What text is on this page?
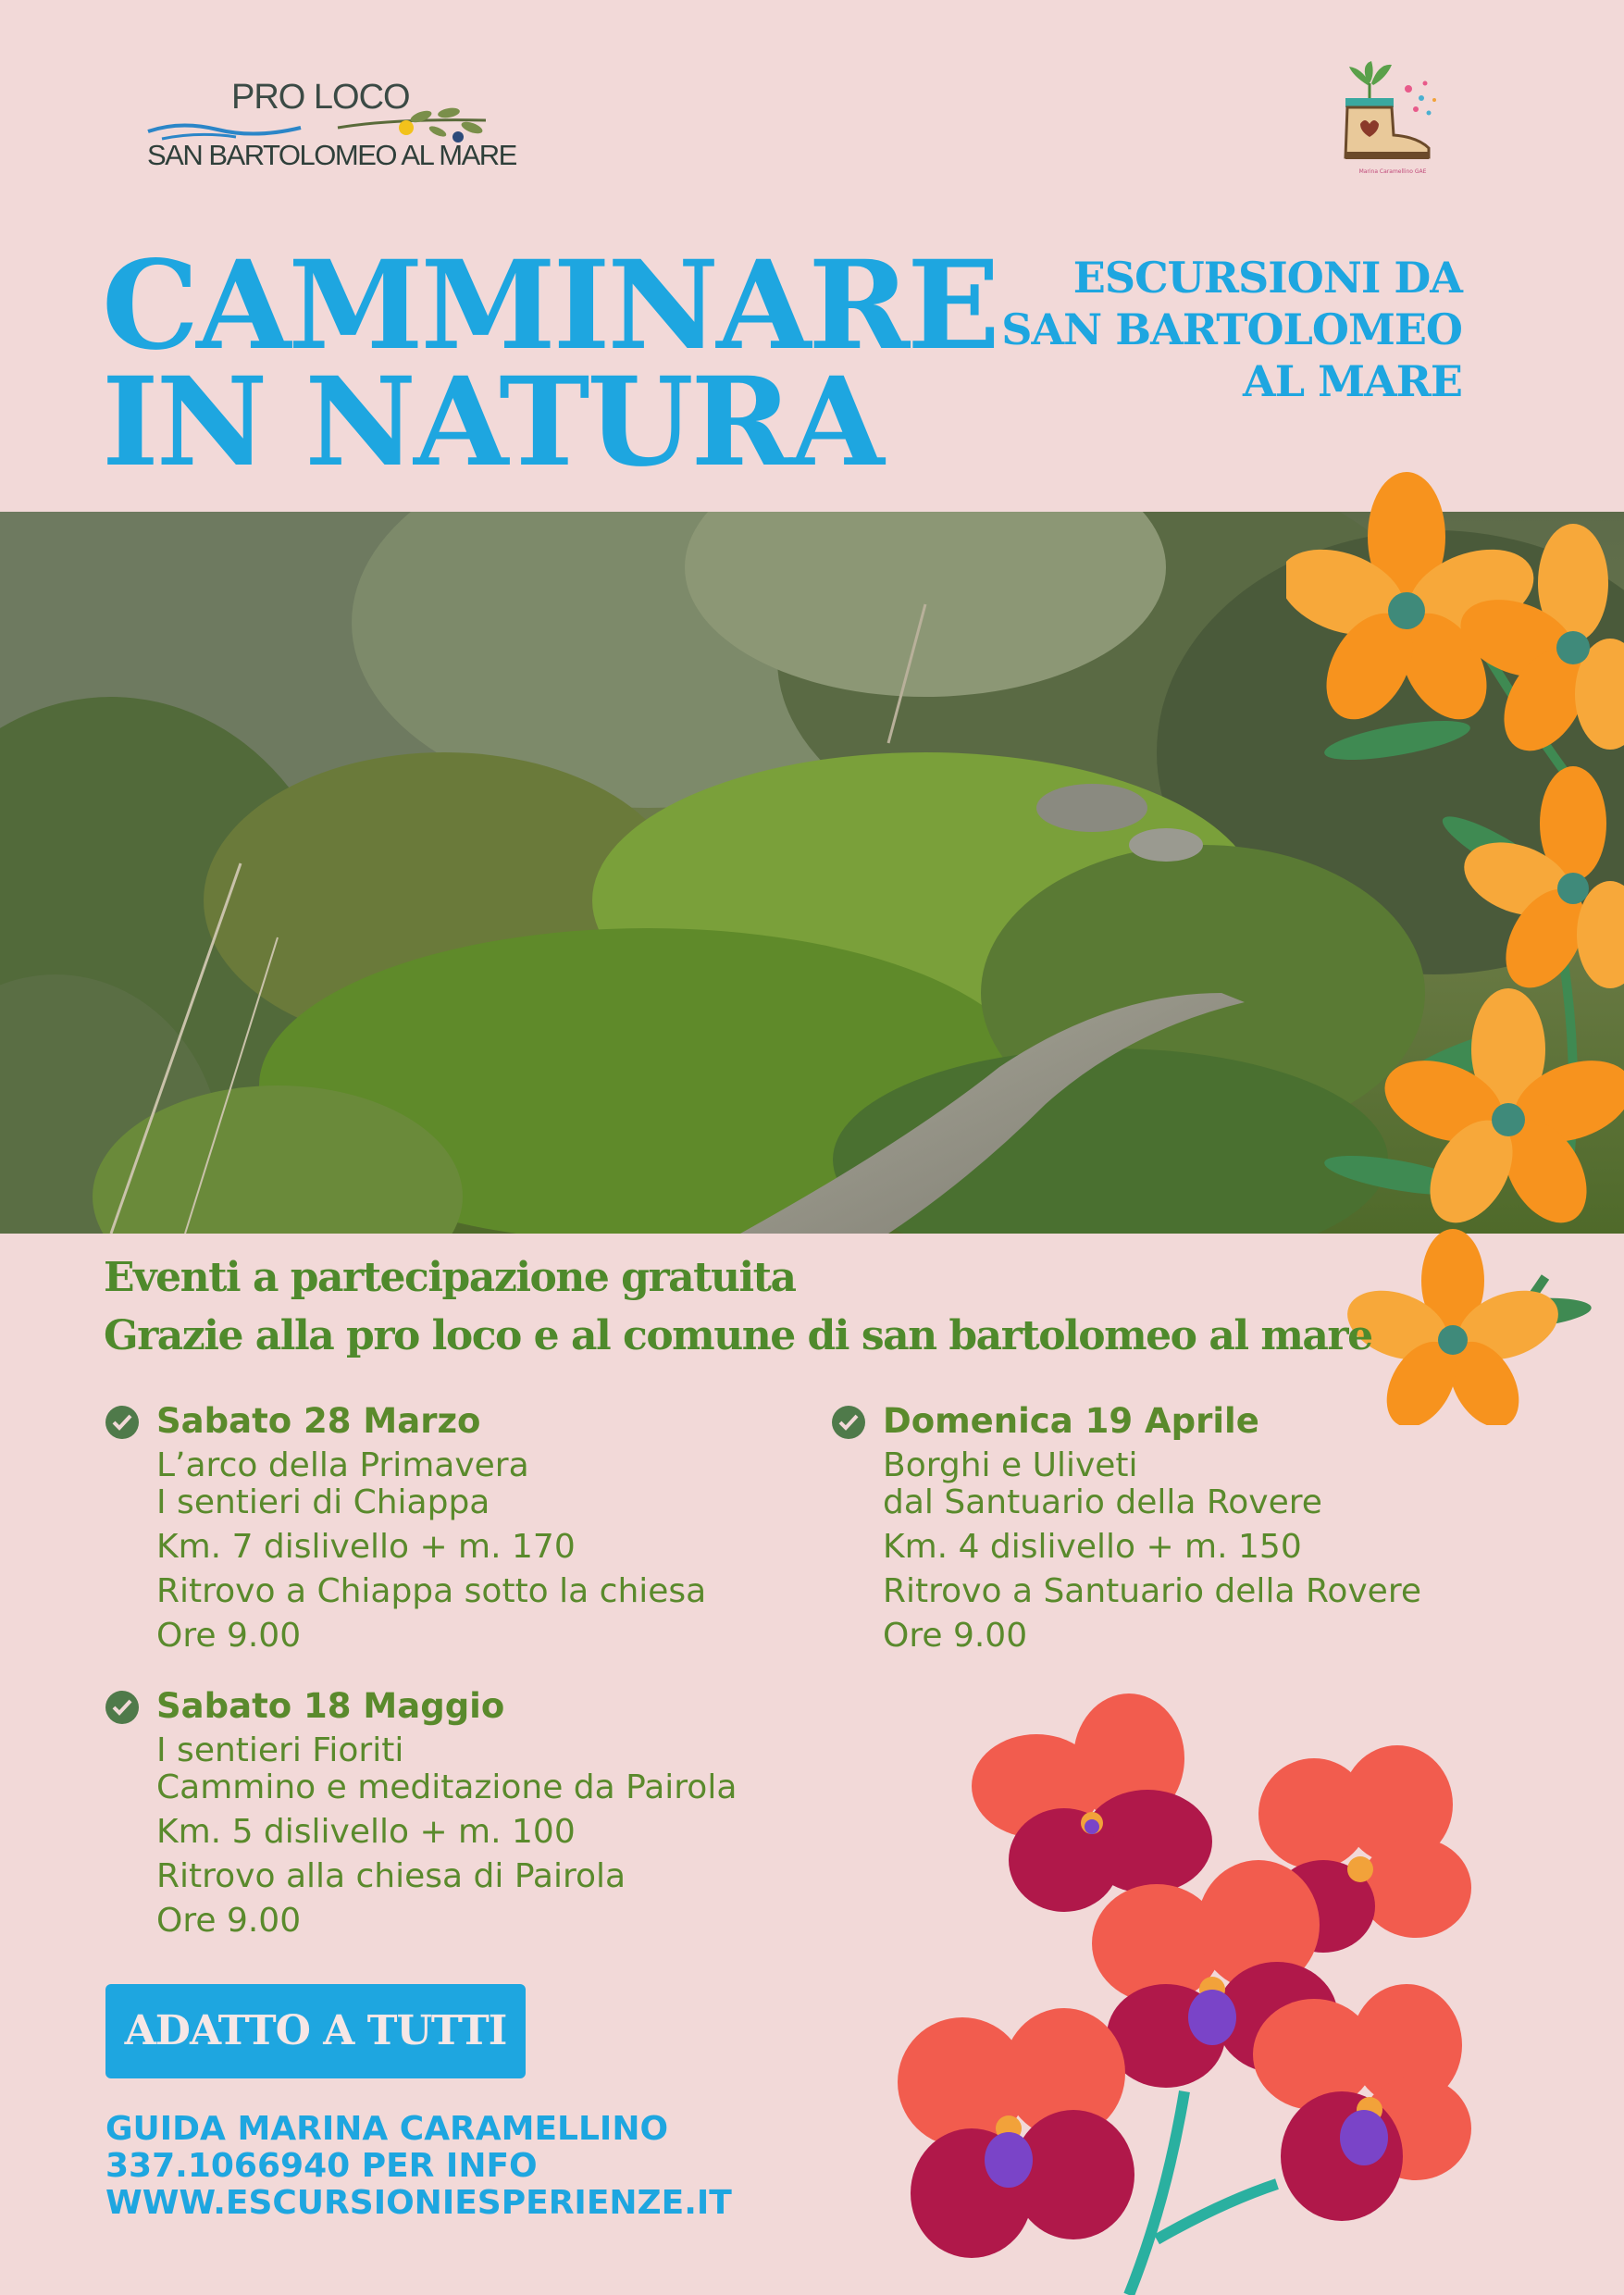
PRO LOCO
SAN BARTOLOMEO AL MARE
Marina Caramellino GAE
CAMMINARE
IN NATURA
ESCURSIONI DA
SAN BARTOLOMEO
AL MARE
Eventi a partecipazione gratuita
Grazie alla pro loco e al comune di san bartolomeo al mare
Sabato 28 Marzo
L’arco della Primavera
I sentieri di Chiappa
Km. 7 dislivello + m. 170
Ritrovo a Chiappa sotto la chiesa
Ore 9.00
Domenica 19 Aprile
Borghi e Uliveti
dal Santuario della Rovere
Km. 4 dislivello + m. 150
Ritrovo a Santuario della Rovere
Ore 9.00
Sabato 18 Maggio
I sentieri Fioriti
Cammino e meditazione da Pairola
Km. 5 dislivello + m. 100
Ritrovo alla chiesa di Pairola
Ore 9.00
ADATTO A TUTTI
GUIDA MARINA CARAMELLINO
337.1066940 PER INFO
WWW.ESCURSIONIESPERIENZE.IT
